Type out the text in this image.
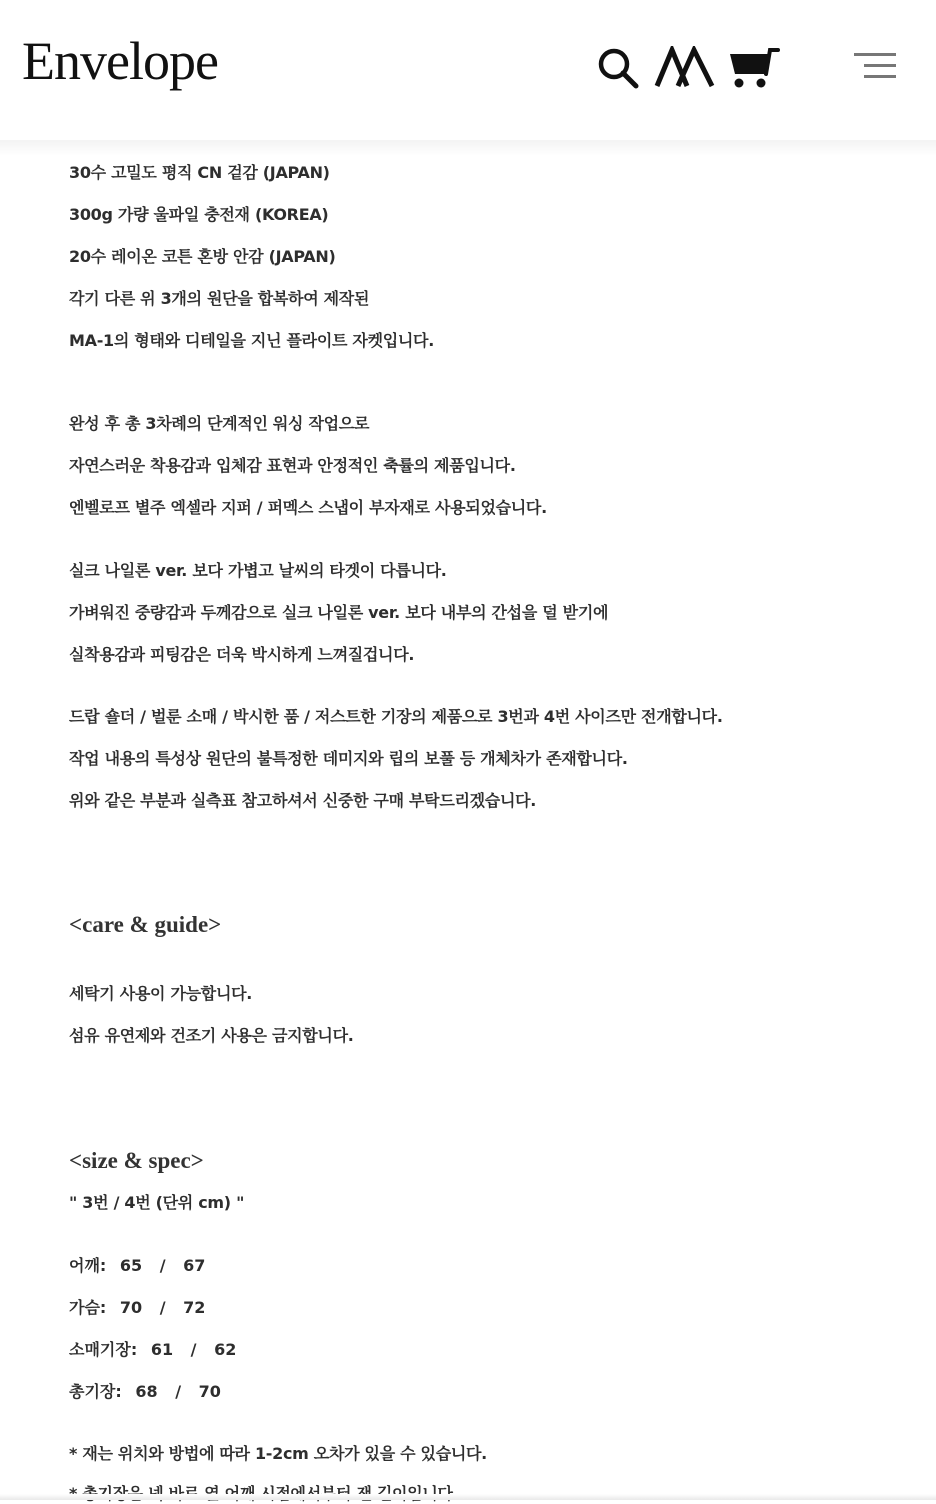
Envelope
30수 고밀도 평직 CN 겉감 (JAPAN)
300g 가량 울파일 충전재 (KOREA)
20수 레이온 코튼 혼방 안감 (JAPAN)
각기 다른 위 3개의 원단을 합복하여 제작된
MA-1의 형태와 디테일을 지닌 플라이트 자켓입니다.
완성 후 총 3차례의 단계적인 워싱 작업으로
자연스러운 착용감과 입체감 표현과 안정적인 축률의 제품입니다.
엔벨로프 별주 엑셀라 지퍼 / 퍼멕스 스냅이 부자재로 사용되었습니다.
실크 나일론 ver. 보다 가볍고 날씨의 타겟이 다릅니다.
가벼워진 중량감과 두께감으로 실크 나일론 ver. 보다 내부의 간섭을 덜 받기에
실착용감과 피팅감은 더욱 박시하게 느껴질겁니다.
드랍 숄더 / 벌룬 소매 / 박시한 품 / 저스트한 기장의 제품으로 3번과 4번 사이즈만 전개합니다.
작업 내용의 특성상 원단의 불특정한 데미지와 립의 보풀 등 개체차가 존재합니다.
위와 같은 부분과 실측표 참고하셔서 신중한 구매 부탁드리겠습니다.
<care & guide>
세탁기 사용이 가능합니다.
섬유 유연제와 건조기 사용은 금지합니다.
<size & spec>
" 3번 / 4번 (단위 cm) "
어깨: 65 / 67
가슴: 70 / 72
소매기장: 61 / 62
총기장: 68 / 70
* 재는 위치와 방법에 따라 1-2cm 오차가 있을 수 있습니다.
